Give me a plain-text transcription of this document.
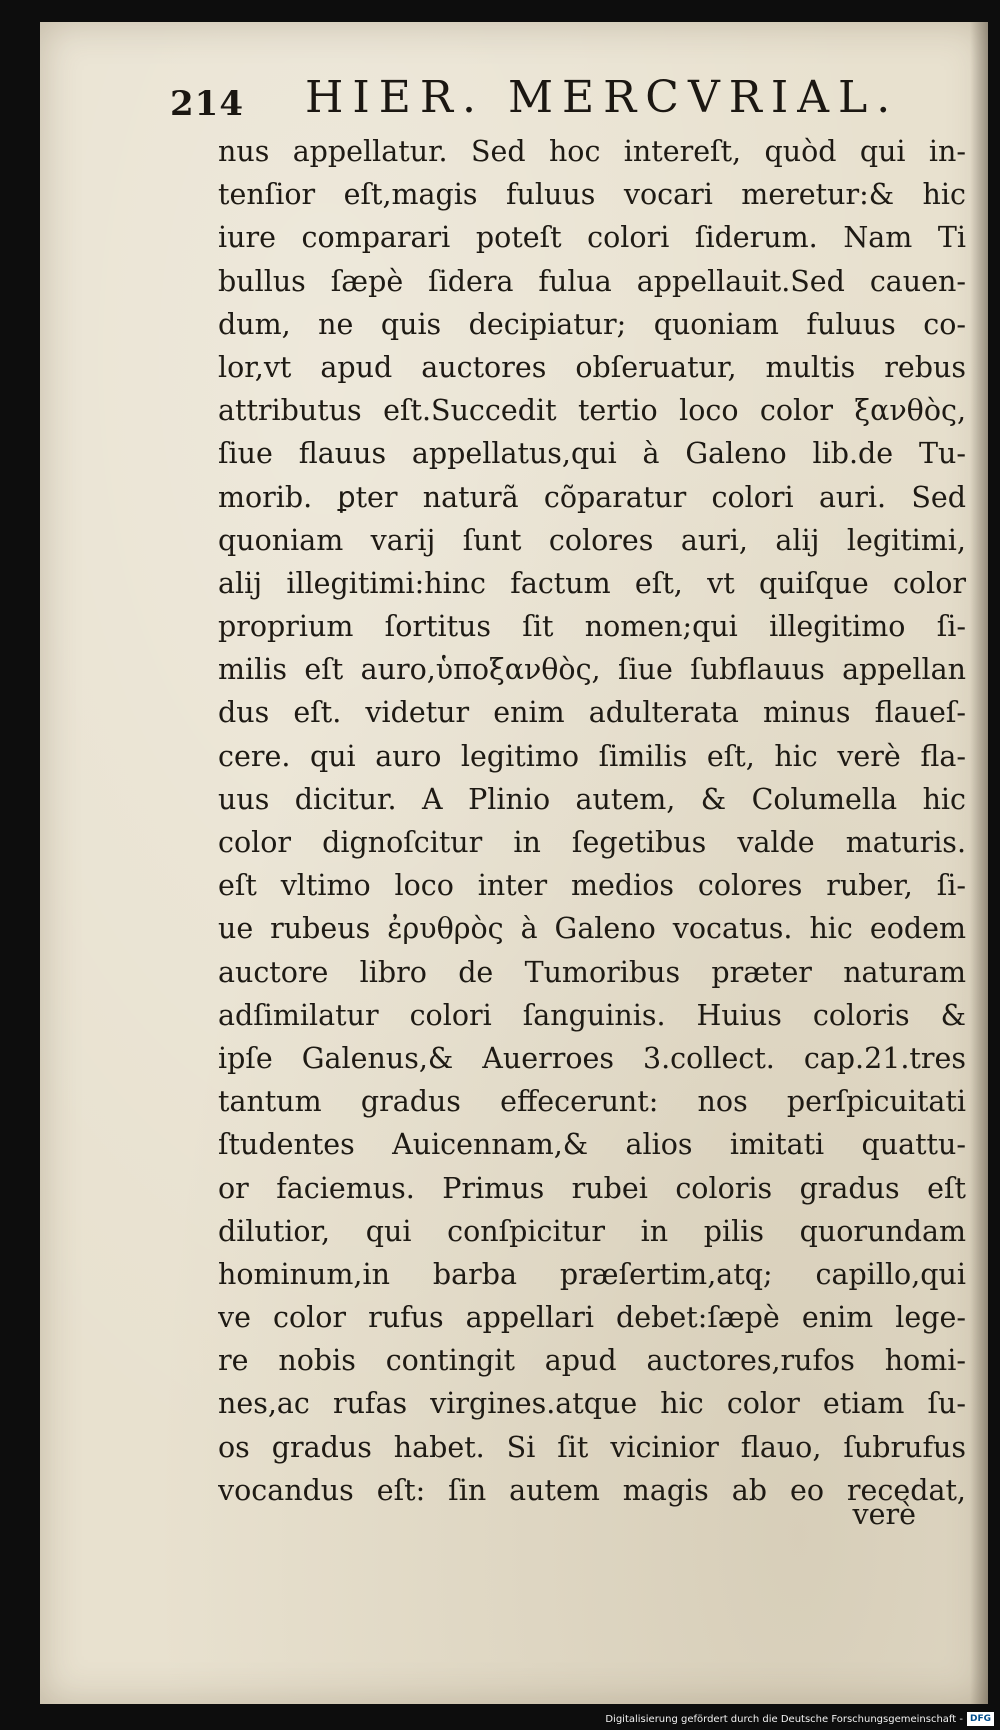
214 HIER. MERCVRIAL.
nus appellatur. Sed hoc intereſt, quòd qui in-
tenſior eſt,magis fuluus vocari meretur:& hic
iure comparari poteſt colori ſiderum. Nam Ti
bullus ſæpè ſidera fulua appellauit.Sed cauen-
dum, ne quis decipiatur; quoniam fuluus co-
lor,vt apud auctores obſeruatur, multis rebus
attributus eſt.Succedit tertio loco color ξανθὸς,
ſiue flauus appellatus,qui à Galeno lib.de Tu-
morib. ꝑter naturã cõparatur colori auri. Sed
quoniam varij ſunt colores auri, alij legitimi,
alij illegitimi:hinc factum eſt, vt quiſque color
proprium ſortitus ſit nomen;qui illegitimo ſi-
milis eſt auro,ὑποξανθὸς, ſiue ſubflauus appellan
dus eſt. videtur enim adulterata minus flaueſ-
cere. qui auro legitimo ſimilis eſt, hic verè fla-
uus dicitur. A Plinio autem, & Columella hic
color dignoſcitur in ſegetibus valde maturis.
eſt vltimo loco inter medios colores ruber, ſi-
ue rubeus ἐρυθρὸς à Galeno vocatus. hic eodem
auctore libro de Tumoribus præter naturam
adſimilatur colori ſanguinis. Huius coloris &
ipſe Galenus,& Auerroes 3.collect. cap.21.tres
tantum gradus effecerunt: nos perſpicuitati
ſtudentes Auicennam,& alios imitati quattu-
or faciemus. Primus rubei coloris gradus eſt
dilutior, qui conſpicitur in pilis quorundam
hominum,in barba præſertim,atq; capillo,qui
ve color rufus appellari debet:ſæpè enim lege-
re nobis contingit apud auctores,rufos homi-
nes,ac rufas virgines.atque hic color etiam ſu-
os gradus habet. Si ſit vicinior flauo, ſubrufus
vocandus eſt: ſin autem magis ab eo recedat,
verè
Digitalisierung gefördert durch die Deutsche Forschungsgemeinschaft - DFG
